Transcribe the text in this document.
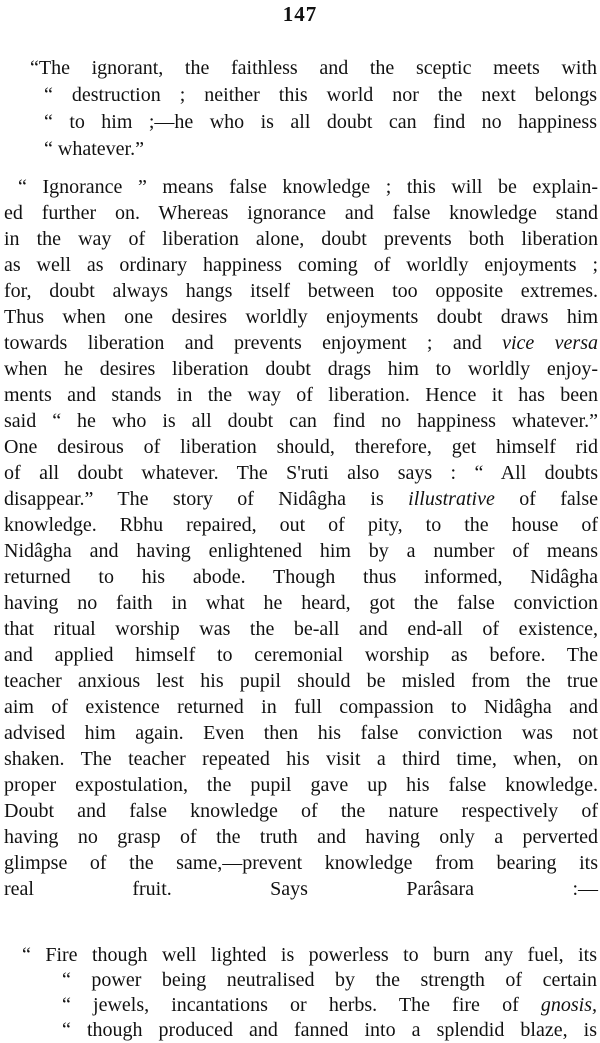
147
“The ignorant, the faithless and the sceptic meets with
“ destruction ; neither this world nor the next belongs
“ to him ;—he who is all doubt can find no happiness
“ whatever.”
“ Ignorance ” means false knowledge ; this will be explain-
ed further on. Whereas ignorance and false knowledge stand
in the way of liberation alone, doubt prevents both liberation
as well as ordinary happiness coming of worldly enjoyments ;
for, doubt always hangs itself between too opposite extremes.
Thus when one desires worldly enjoyments doubt draws him
towards liberation and prevents enjoyment ; and vice versa
when he desires liberation doubt drags him to worldly enjoy-
ments and stands in the way of liberation. Hence it has been
said “ he who is all doubt can find no happiness whatever.”
One desirous of liberation should, therefore, get himself rid
of all doubt whatever. The S'ruti also says : “ All doubts
disappear.” The story of Nidâgha is illustrative of false
knowledge. Rbhu repaired, out of pity, to the house of
Nidâgha and having enlightened him by a number of means
returned to his abode. Though thus informed, Nidâgha
having no faith in what he heard, got the false conviction
that ritual worship was the be-all and end-all of existence,
and applied himself to ceremonial worship as before. The
teacher anxious lest his pupil should be misled from the true
aim of existence returned in full compassion to Nidâgha and
advised him again. Even then his false conviction was not
shaken. The teacher repeated his visit a third time, when, on
proper expostulation, the pupil gave up his false knowledge.
Doubt and false knowledge of the nature respectively of
having no grasp of the truth and having only a perverted
glimpse of the same,—prevent knowledge from bearing its
real fruit. Says Parâsara :—
“ Fire though well lighted is powerless to burn any fuel, its
“ power being neutralised by the strength of certain
“ jewels, incantations or herbs. The fire of gnosis,
“ though produced and fanned into a splendid blaze, is
